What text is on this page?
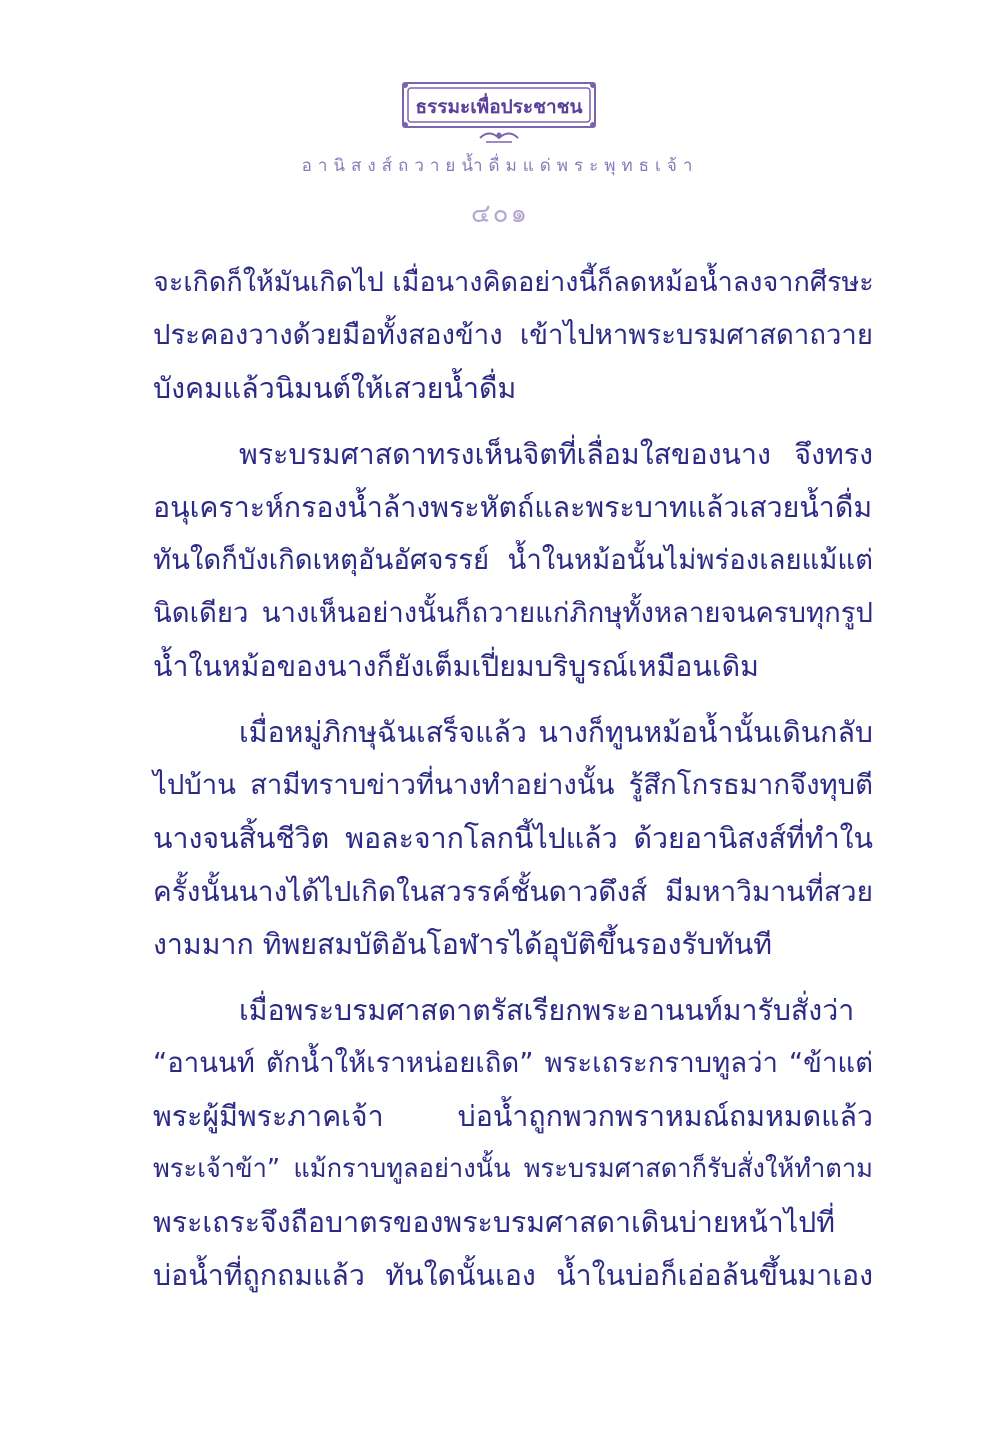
ธรรมะเพื่อประชาชน
อานิสงส์ถวายน้ำดื่มแด่พระพุทธเจ้า
๔๐๑

จะเกิดก็ให้มันเกิดไป เมื่อนางคิดอย่างนี้ก็ลดหม้อน้ำลงจากศีรษะ
ประคองวางด้วยมือทั้งสองข้าง เข้าไปหาพระบรมศาสดาถวาย
บังคมแล้วนิมนต์ให้เสวยน้ำดื่ม

พระบรมศาสดาทรงเห็นจิตที่เลื่อมใสของนาง จึงทรง
อนุเคราะห์กรองน้ำล้างพระหัตถ์และพระบาทแล้วเสวยน้ำดื่ม
ทันใดก็บังเกิดเหตุอันอัศจรรย์ น้ำในหม้อนั้นไม่พร่องเลยแม้แต่
นิดเดียว นางเห็นอย่างนั้นก็ถวายแก่ภิกษุทั้งหลายจนครบทุกรูป
น้ำในหม้อของนางก็ยังเต็มเปี่ยมบริบูรณ์เหมือนเดิม

เมื่อหมู่ภิกษุฉันเสร็จแล้ว นางก็ทูนหม้อน้ำนั้นเดินกลับ
ไปบ้าน สามีทราบข่าวที่นางทำอย่างนั้น รู้สึกโกรธมากจึงทุบตี
นางจนสิ้นชีวิต พอละจากโลกนี้ไปแล้ว ด้วยอานิสงส์ที่ทำใน
ครั้งนั้นนางได้ไปเกิดในสวรรค์ชั้นดาวดึงส์ มีมหาวิมานที่สวย
งามมาก ทิพยสมบัติอันโอฬารได้อุบัติขึ้นรองรับทันที

เมื่อพระบรมศาสดาตรัสเรียกพระอานนท์มารับสั่งว่า
“อานนท์ ตักน้ำให้เราหน่อยเถิด” พระเถระกราบทูลว่า “ข้าแต่
พระผู้มีพระภาคเจ้า บ่อน้ำถูกพวกพราหมณ์ถมหมดแล้ว
พระเจ้าข้า” แม้กราบทูลอย่างนั้น พระบรมศาสดาก็รับสั่งให้ทำตาม
พระเถระจึงถือบาตรของพระบรมศาสดาเดินบ่ายหน้าไปที่
บ่อน้ำที่ถูกถมแล้ว ทันใดนั้นเอง น้ำในบ่อก็เอ่อล้นขึ้นมาเอง
